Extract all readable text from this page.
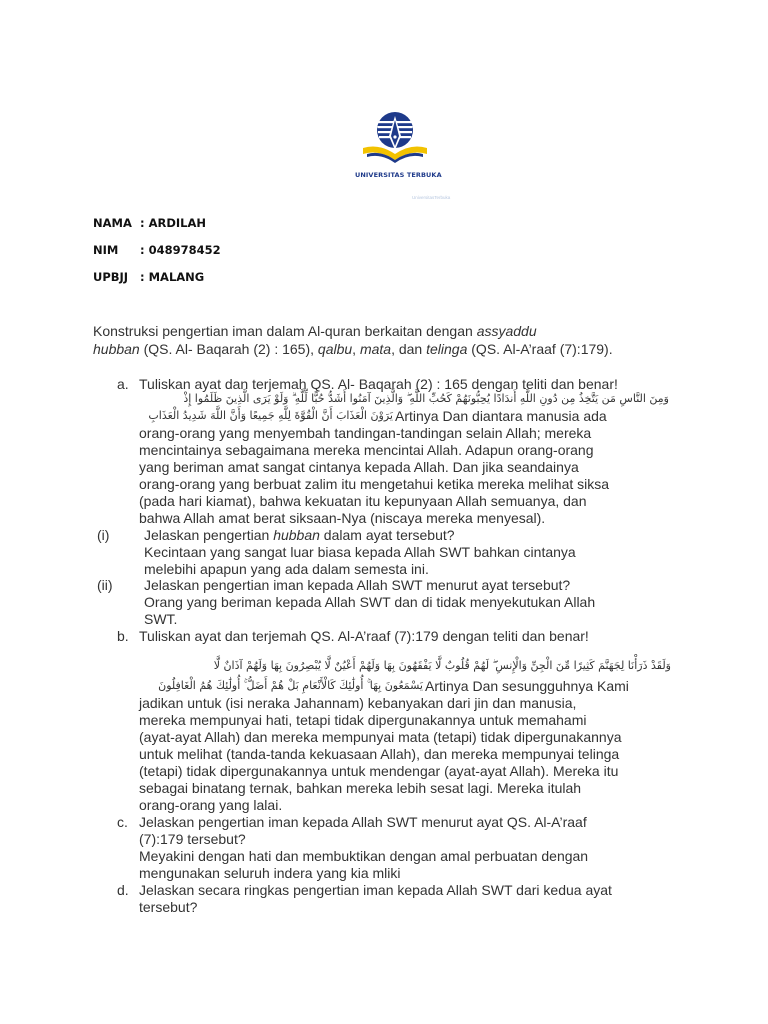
UNIVERSITAS TERBUKA
UniversitasTerbuka
NAMA : ARDILAH
NIM : 048978452
UPBJJ : MALANG
Konstruksi pengertian iman dalam Al-quran berkaitan dengan assyaddu
hubban (QS. Al- Baqarah (2) : 165), qalbu, mata, dan telinga (QS. Al-A’raaf (7):179).
a. Tuliskan ayat dan terjemah QS. Al- Baqarah (2) : 165 dengan teliti dan benar!
وَمِنَ النَّاسِ مَن يَتَّخِذُ مِن دُونِ اللَّهِ أَندَادًا يُحِبُّونَهُمْ كَحُبِّ اللَّهِ ۖ وَالَّذِينَ آمَنُوا أَشَدُّ حُبًّا لِّلَّهِ ۗ وَلَوْ يَرَى الَّذِينَ ظَلَمُوا إِذْ
يَرَوْنَ الْعَذَابَ أَنَّ الْقُوَّةَ لِلَّهِ جَمِيعًا وَأَنَّ اللَّهَ شَدِيدُ الْعَذَابِ Artinya Dan diantara manusia ada
orang-orang yang menyembah tandingan-tandingan selain Allah; mereka
mencintainya sebagaimana mereka mencintai Allah. Adapun orang-orang
yang beriman amat sangat cintanya kepada Allah. Dan jika seandainya
orang-orang yang berbuat zalim itu mengetahui ketika mereka melihat siksa
(pada hari kiamat), bahwa kekuatan itu kepunyaan Allah semuanya, dan
bahwa Allah amat berat siksaan-Nya (niscaya mereka menyesal).
(i) Jelaskan pengertian hubban dalam ayat tersebut?
Kecintaan yang sangat luar biasa kepada Allah SWT bahkan cintanya
melebihi apapun yang ada dalam semesta ini.
(ii) Jelaskan pengertian iman kepada Allah SWT menurut ayat tersebut?
Orang yang beriman kepada Allah SWT dan di tidak menyekutukan Allah
SWT.
b. Tuliskan ayat dan terjemah QS. Al-A’raaf (7):179 dengan teliti dan benar!
وَلَقَدْ ذَرَأْنَا لِجَهَنَّمَ كَثِيرًا مِّنَ الْجِنِّ وَالْإِنسِ ۖ لَهُمْ قُلُوبٌ لَّا يَفْقَهُونَ بِهَا وَلَهُمْ أَعْيُنٌ لَّا يُبْصِرُونَ بِهَا وَلَهُمْ آذَانٌ لَّا
يَسْمَعُونَ بِهَا ۚ أُولَٰئِكَ كَالْأَنْعَامِ بَلْ هُمْ أَضَلُّ ۚ أُولَٰئِكَ هُمُ الْغَافِلُونَ Artinya Dan sesungguhnya Kami
jadikan untuk (isi neraka Jahannam) kebanyakan dari jin dan manusia,
mereka mempunyai hati, tetapi tidak dipergunakannya untuk memahami
(ayat-ayat Allah) dan mereka mempunyai mata (tetapi) tidak dipergunakannya
untuk melihat (tanda-tanda kekuasaan Allah), dan mereka mempunyai telinga
(tetapi) tidak dipergunakannya untuk mendengar (ayat-ayat Allah). Mereka itu
sebagai binatang ternak, bahkan mereka lebih sesat lagi. Mereka itulah
orang-orang yang lalai.
c. Jelaskan pengertian iman kepada Allah SWT menurut ayat QS. Al-A’raaf
(7):179 tersebut?
Meyakini dengan hati dan membuktikan dengan amal perbuatan dengan
mengunakan seluruh indera yang kia mliki
d. Jelaskan secara ringkas pengertian iman kepada Allah SWT dari kedua ayat
tersebut?
